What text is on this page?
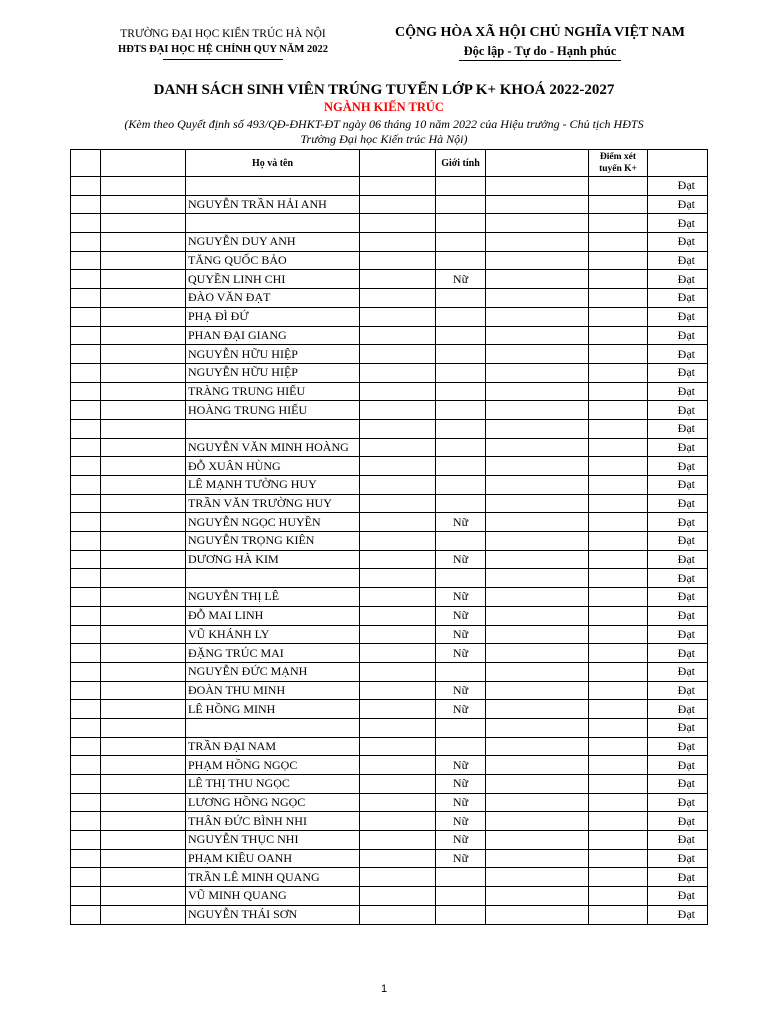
TRƯỜNG ĐẠI HỌC KIẾN TRÚC HÀ NỘI
HĐTS ĐẠI HỌC HỆ CHÍNH QUY NĂM 2022
CỘNG HÒA XÃ HỘI CHỦ NGHĨA VIỆT NAM
Độc lập - Tự do - Hạnh phúc
DANH SÁCH SINH VIÊN TRÚNG TUYỂN LỚP K+ KHOÁ 2022-2027
NGÀNH KIẾN TRÚC
(Kèm theo Quyết định số 493/QĐ-ĐHKT-ĐT ngày 06 tháng 10 năm 2022 của Hiệu trưởng - Chủ tịch HĐTS Trường Đại học Kiến trúc Hà Nội)
		Họ và tên		Giới tính		Điểm xét tuyển K+	
							Đạt
		NGUYỄN TRẦN HẢI ANH					Đạt
							Đạt
		NGUYỄN DUY ANH					Đạt
		TĂNG QUỐC BẢO					Đạt
		QUYỀN LINH CHI		Nữ			Đạt
		ĐÀO VĂN ĐẠT					Đạt
		PHẠ ĐÌ ĐỨ					Đạt
		PHAN ĐẠI GIANG					Đạt
		NGUYỄN HỮU HIỆP					Đạt
		NGUYỄN HỮU HIỆP					Đạt
		TRÀNG TRUNG HIẾU					Đạt
		HOÀNG TRUNG HIẾU					Đạt
							Đạt
		NGUYỄN VĂN MINH HOÀNG					Đạt
		ĐỖ XUÂN HÙNG					Đạt
		LÊ MẠNH TƯỜNG HUY					Đạt
		TRẦN VĂN TRƯỜNG HUY					Đạt
		NGUYỄN NGỌC HUYỀN		Nữ			Đạt
		NGUYỄN TRỌNG KIÊN					Đạt
		DƯƠNG HÀ KIM		Nữ			Đạt
							Đạt
		NGUYỄN THỊ LÊ		Nữ			Đạt
		ĐỖ MAI LINH		Nữ			Đạt
		VŨ KHÁNH LY		Nữ			Đạt
		ĐẶNG TRÚC MAI		Nữ			Đạt
		NGUYỄN ĐỨC MẠNH					Đạt
		ĐOÀN THU MINH		Nữ			Đạt
		LÊ HỒNG MINH		Nữ			Đạt
							Đạt
		TRẦN ĐẠI NAM					Đạt
		PHẠM HỒNG NGỌC		Nữ			Đạt
		LÊ THỊ THU NGỌC		Nữ			Đạt
		LƯƠNG HỒNG NGỌC		Nữ			Đạt
		THÂN ĐỨC BÌNH NHI		Nữ			Đạt
		NGUYỄN THỤC NHI		Nữ			Đạt
		PHẠM KIỀU OANH		Nữ			Đạt
		TRẦN LÊ MINH QUANG					Đạt
		VŨ MINH QUANG					Đạt
		NGUYỄN THÁI SƠN					Đạt
1
